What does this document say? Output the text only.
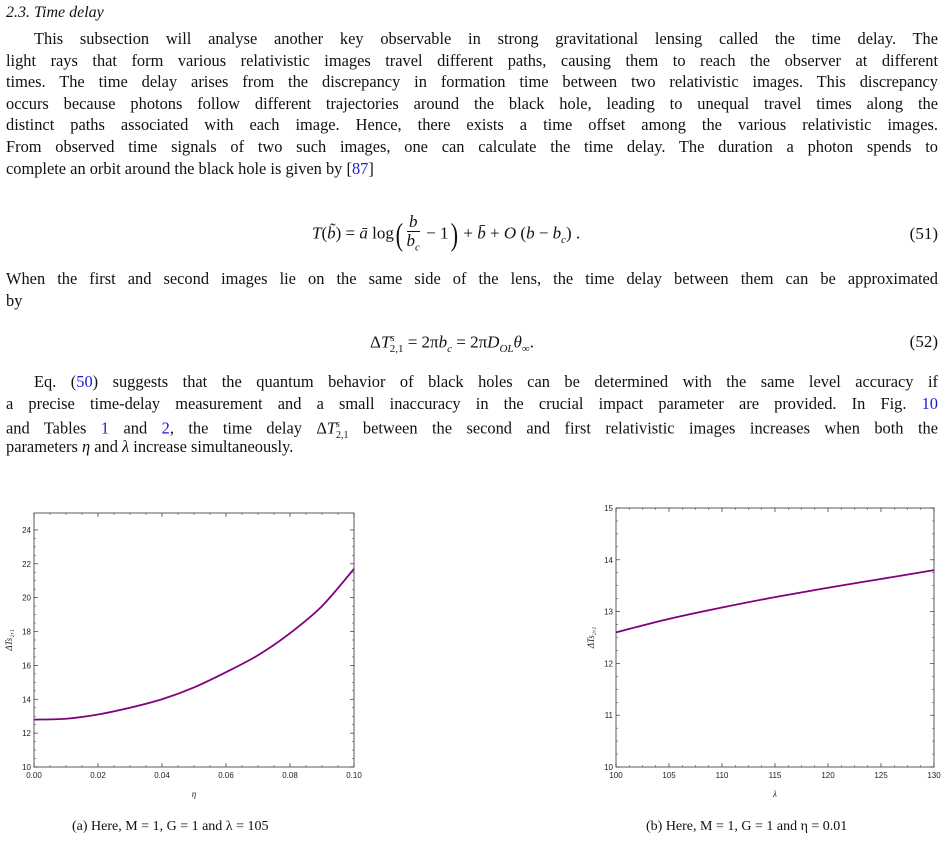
2.3. Time delay
This subsection will analyse another key observable in strong gravitational lensing called the time delay. The
light rays that form various relativistic images travel different paths, causing them to reach the observer at different
times. The time delay arises from the discrepancy in formation time between two relativistic images. This discrepancy
occurs because photons follow different trajectories around the black hole, leading to unequal travel times along the
distinct paths associated with each image. Hence, there exists a time offset among the various relativistic images.
From observed time signals of two such images, one can calculate the time delay. The duration a photon spends to
complete an orbit around the black hole is given by [87]
T(b̃) = ā $\log( \frac{b}{b_c} - 1)$ + b̄ + O $(b - b_c)$ .	(51)
When the first and second images lie on the same side of the lens, the time delay between them can be approximated
by
$\Delta T^s_{2,1} = 2\pi b_c = 2\pi D_{OL}\theta_\infty$.	(52)
Eq. (50) suggests that the quantum behavior of black holes can be determined with the same level accuracy if
a precise time-delay measurement and a small inaccuracy in the crucial impact parameter are provided. In Fig. 10
and Tables 1 and 2, the time delay $\Delta T^s_{2,1}$ between the second and first relativistic images increases when both the
parameters η and λ increase simultaneously.
0.00	0.02	0.04	0.06	0.08	0.10
10
12
14
16
18
20
22
24
η
ΔTs₂,₁
(a) Here, M = 1, G = 1 and λ = 105
100	105	110	115	120	125	130
10
11
12
13
14
15
λ
ΔTs₂,₁
(b) Here, M = 1, G = 1 and η = 0.01
